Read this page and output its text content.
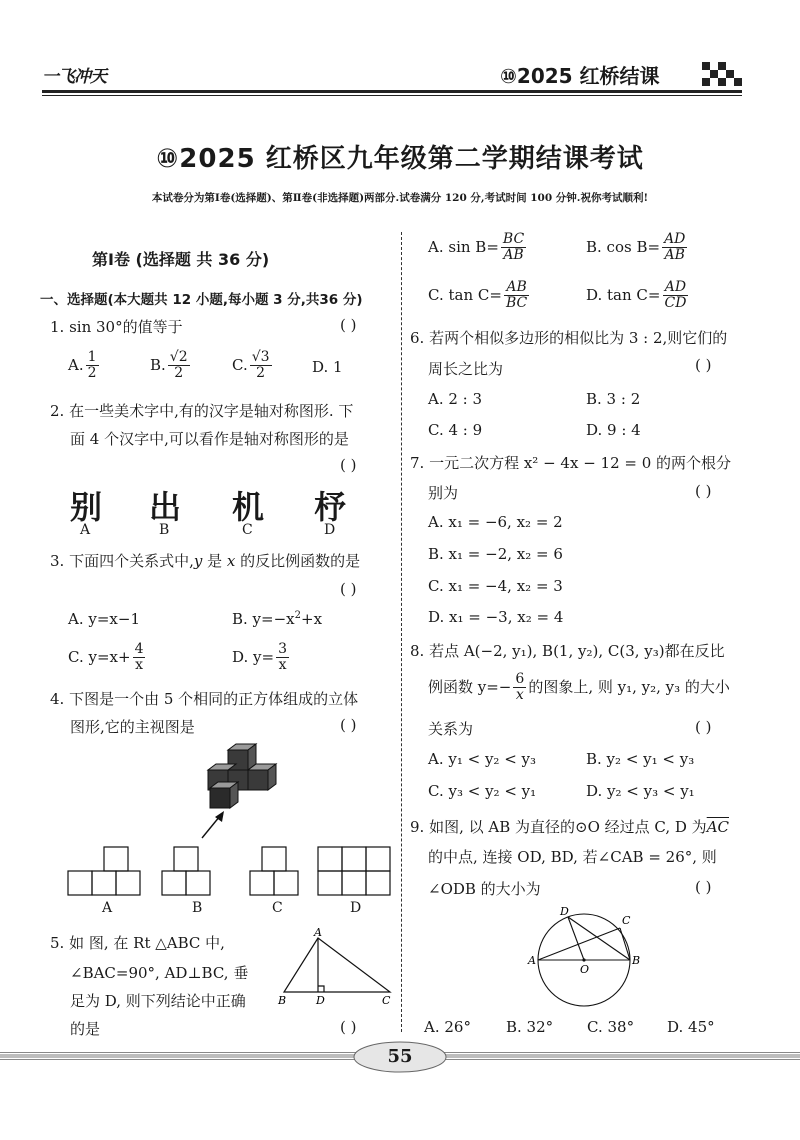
一飞冲天	⑩2025 红桥结课
⑩2025 红桥区九年级第二学期结课考试
本试卷分为第Ⅰ卷(选择题)、第Ⅱ卷(非选择题)两部分.试卷满分 120 分,考试时间 100 分钟.祝你考试顺利!
第Ⅰ卷 (选择题 共 36 分)
一、选择题(本大题共 12 小题,每小题 3 分,共36 分)
1. sin 30°的值等于	( )
A. $\frac{1}{2}$	B. $\frac{√2}{2}$	C. $\frac{√3}{2}$	D. 1
2. 在一些美术字中,有的汉字是轴对称图形. 下
面 4 个汉字中,可以看作是轴对称图形的是
( )
别 出 机 杼
A	B	C	D
3. 下面四个关系式中,y 是 x 的反比例函数的是
( )
A. y=x−1	B. $y=-x^2+x$
C. $y=x+ \frac{4}{x}$	D. $y= \frac{3}{x}$
4. 下图是一个由 5 个相同的正方体组成的立体
图形,它的主视图是	( )
A	B	C	D
5. 如 图, 在 Rt △ABC 中,
∠BAC=90°, AD⊥BC, 垂
足为 D, 则下列结论中正确
的是	( )
A
B	C
D
A. $\sin B= \frac{BC}{AB}$	B. $\cos B= \frac{AD}{AB}$
C. $\tan C= \frac{AB}{BC}$	D. $\tan C= \frac{AD}{CD}$
6. 若两个相似多边形的相似比为 3 : 2,则它们的
周长之比为	( )
A. 2 : 3	B. 3 : 2
C. 4 : 9	D. 9 : 4
7. 一元二次方程 x² − 4x − 12 = 0 的两个根分
别为	( )
A. x₁ = −6, x₂ = 2
B. x₁ = −2, x₂ = 6
C. x₁ = −4, x₂ = 3
D. x₁ = −3, x₂ = 4
8. 若点 A(−2, y₁), B(1, y₂), C(3, y₃)都在反比
例函数 $y=- \frac{6}{x}$ 的图象上, 则 y₁, y₂, y₃ 的大小
关系为	( )
A. y₁ < y₂ < y₃	B. y₂ < y₁ < y₃
C. y₃ < y₂ < y₁	D. y₂ < y₃ < y₁
9. 如图, 以 AB 为直径的⊙O 经过点 C, D 为$\overline{AC}$
的中点, 连接 OD, BD, 若∠CAB = 26°, 则
∠ODB 的大小为	( )
A	B
C
D
O
A. 26° B. 32° C. 38° D. 45°
55
